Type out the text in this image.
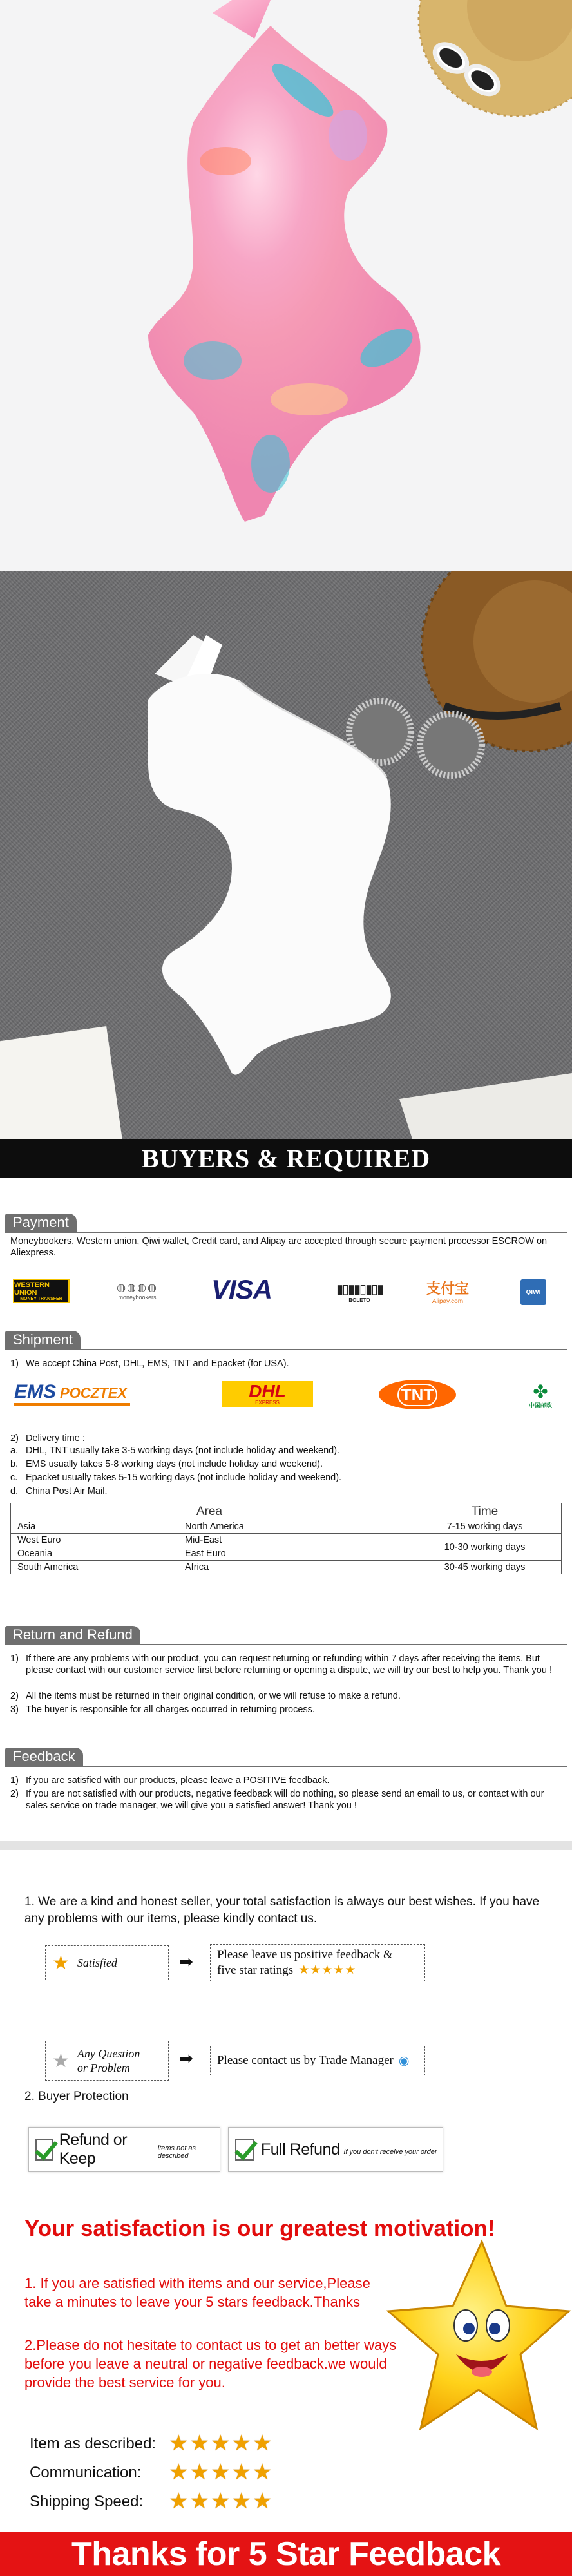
BUYERS & REQUIRED
Payment
Moneybookers, Western union, Qiwi wallet, Credit card, and Alipay are accepted through secure payment processor ESCROW on Aliexpress.
WESTERN UNION
MONEY TRANSFER
◍◍◍◍
moneybookers	VISA	▮▯▮▮▯▮▯▮
BOLETO
支付宝
Alipay.com
QIWI
Shipment
1) We accept China Post, DHL, EMS, TNT and Epacket (for USA).
EMS POCZTEX	DHL
EXPRESS	TNT	✤
中国邮政
2) Delivery time :
a. DHL, TNT usually take 3-5 working days (not include holiday and weekend).
b. EMS usually takes 5-8 working days (not include holiday and weekend).
c. Epacket usually takes 5-15 working days (not include holiday and weekend).
d. China Post Air Mail.
Area		Time
Asia	North America	7-15 working days
West Euro	Mid-East	10-30 working days
Oceania	East Euro	
South America	Africa	30-45 working days
Return and Refund
1) If there are any problems with our product, you can request returning or refunding within 7 days after receiving the items. But please contact with our customer service first before returning or opening a dispute, we will try our best to help you. Thank you !
2) All the items must be returned in their original condition, or we will refuse to make a refund.
3) The buyer is responsible for all charges occurred in returning process.
Feedback
1) If you are satisfied with our products, please leave a POSITIVE feedback.
2) If you are not satisfied with our products, negative feedback will do nothing, so please send an email to us, or contact with our sales service on trade manager, we will give you a satisfied answer! Thank you !
1. We are a kind and honest seller, your total satisfaction is always our best wishes. If you have any problems with our items, please kindly contact us.
★ Satisfied	➡ Please leave us positive feedback &
five star ratings ★★★★★
★ Any Question
or Problem	➡ Please contact us by Trade Manager ◉
2. Buyer Protection
Refund or Keep
items not as described	Full Refund If you don't receive your order
Your satisfaction is our greatest motivation!
1. If you are satisfied with items and our service,Please take a minutes to leave your 5 stars feedback.Thanks
2.Please do not hesitate to contact us to get an better ways before you leave a neutral or negative feedback.we would provide the best service for you.
Item as described: ★★★★★
Communication: ★★★★★
Shipping Speed: ★★★★★
Thanks for 5 Star Feedback
